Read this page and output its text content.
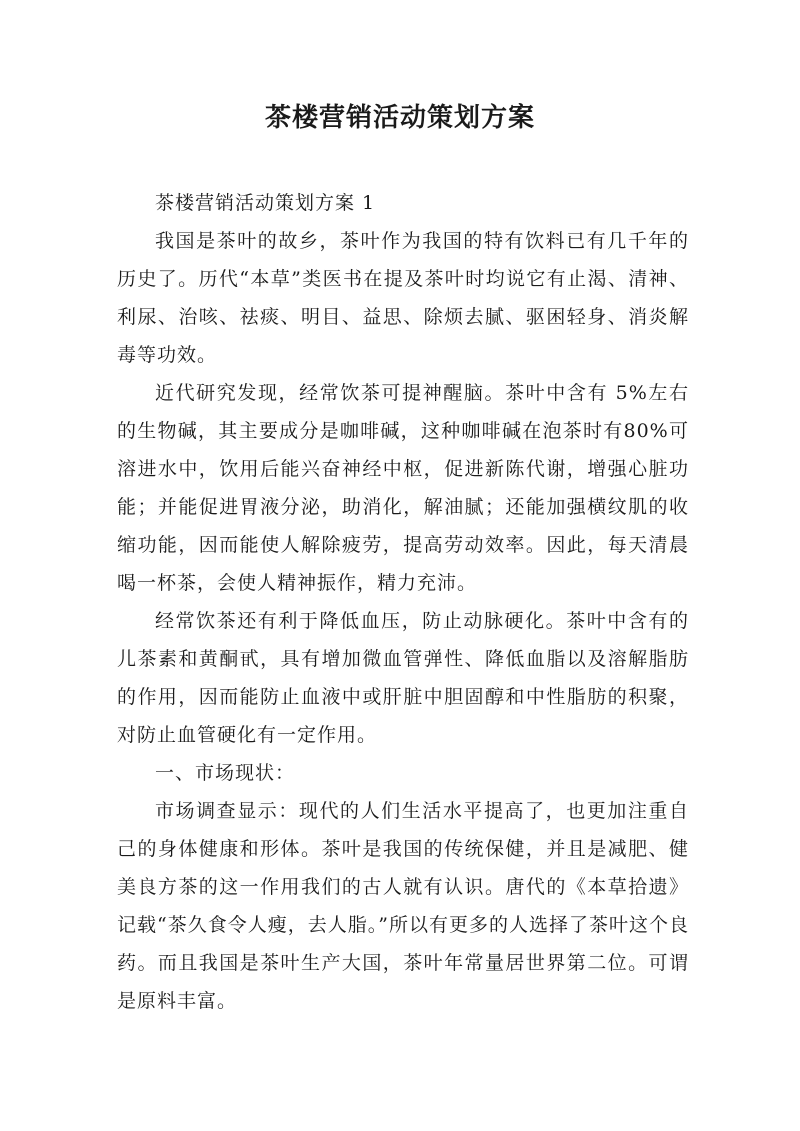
茶楼营销活动策划方案

茶楼营销活动策划方案 1

我国是茶叶的故乡，茶叶作为我国的特有饮料已有几千年的历史了。历代“本草”类医书在提及茶叶时均说它有止渴、清神、利尿、治咳、祛痰、明目、益思、除烦去腻、驱困轻身、消炎解毒等功效。

近代研究发现，经常饮茶可提神醒脑。茶叶中含有 5%左右的生物碱，其主要成分是咖啡碱，这种咖啡碱在泡茶时有80%可溶进水中，饮用后能兴奋神经中枢，促进新陈代谢，增强心脏功能；并能促进胃液分泌，助消化，解油腻；还能加强横纹肌的收缩功能，因而能使人解除疲劳，提高劳动效率。因此，每天清晨喝一杯茶，会使人精神振作，精力充沛。

经常饮茶还有利于降低血压，防止动脉硬化。茶叶中含有的儿茶素和黄酮甙，具有增加微血管弹性、降低血脂以及溶解脂肪的作用，因而能防止血液中或肝脏中胆固醇和中性脂肪的积聚，对防止血管硬化有一定作用。

一、市场现状：

市场调查显示：现代的人们生活水平提高了，也更加注重自己的身体健康和形体。茶叶是我国的传统保健，并且是减肥、健美良方茶的这一作用我们的古人就有认识。唐代的《本草拾遗》记载“茶久食令人瘦，去人脂。”所以有更多的人选择了茶叶这个良药。而且我国是茶叶生产大国，茶叶年常量居世界第二位。可谓是原料丰富。
